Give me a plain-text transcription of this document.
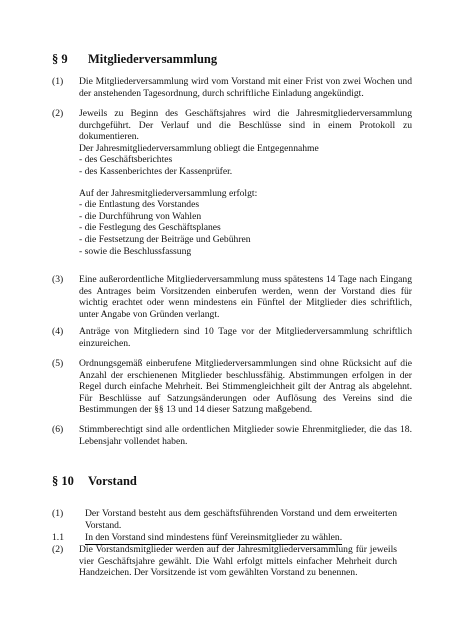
§ 9 Mitgliederversammlung
(1) Die Mitgliederversammlung wird vom Vorstand mit einer Frist von zwei Wochen und der anstehenden Tagesordnung, durch schriftliche Einladung angekündigt.

(2) Jeweils zu Beginn des Geschäftsjahres wird die Jahresmitgliederversammlung durchgeführt. Der Verlauf und die Beschlüsse sind in einem Protokoll zu dokumentieren.

Der Jahresmitgliederversammlung obliegt die Entgegennahme

- des Geschäftsberichtes

- des Kassenberichtes der Kassenprüfer.

Auf der Jahresmitgliederversammlung erfolgt:

- die Entlastung des Vorstandes

- die Durchführung von Wahlen

- die Festlegung des Geschäftsplanes

- die Festsetzung der Beiträge und Gebühren

- sowie die Beschlussfassung

(3) Eine außerordentliche Mitgliederversammlung muss spätestens 14 Tage nach Eingang des Antrages beim Vorsitzenden einberufen werden, wenn der Vorstand dies für wichtig erachtet oder wenn mindestens ein Fünftel der Mitglieder dies schriftlich, unter Angabe von Gründen verlangt.

(4) Anträge von Mitgliedern sind 10 Tage vor der Mitgliederversammlung schriftlich einzureichen.

(5) Ordnungsgemäß einberufene Mitgliederversammlungen sind ohne Rücksicht auf die Anzahl der erschienenen Mitglieder beschlussfähig. Abstimmungen erfolgen in der Regel durch einfache Mehrheit. Bei Stimmengleichheit gilt der Antrag als abgelehnt. Für Beschlüsse auf Satzungsänderungen oder Auflösung des Vereins sind die Bestimmungen der §§ 13 und 14 dieser Satzung maßgebend.

(6) Stimmberechtigt sind alle ordentlichen Mitglieder sowie Ehrenmitglieder, die das 18. Lebensjahr vollendet haben.

§ 10 Vorstand
(1) Der Vorstand besteht aus dem geschäftsführenden Vorstand und dem erweiterten Vorstand.

1.1 In den Vorstand sind mindestens fünf Vereinsmitglieder zu wählen.
(2) Die Vorstandsmitglieder werden auf der Jahresmitgliederversammlung für jeweils vier Geschäftsjahre gewählt. Die Wahl erfolgt mittels einfacher Mehrheit durch Handzeichen. Der Vorsitzende ist vom gewählten Vorstand zu benennen.
